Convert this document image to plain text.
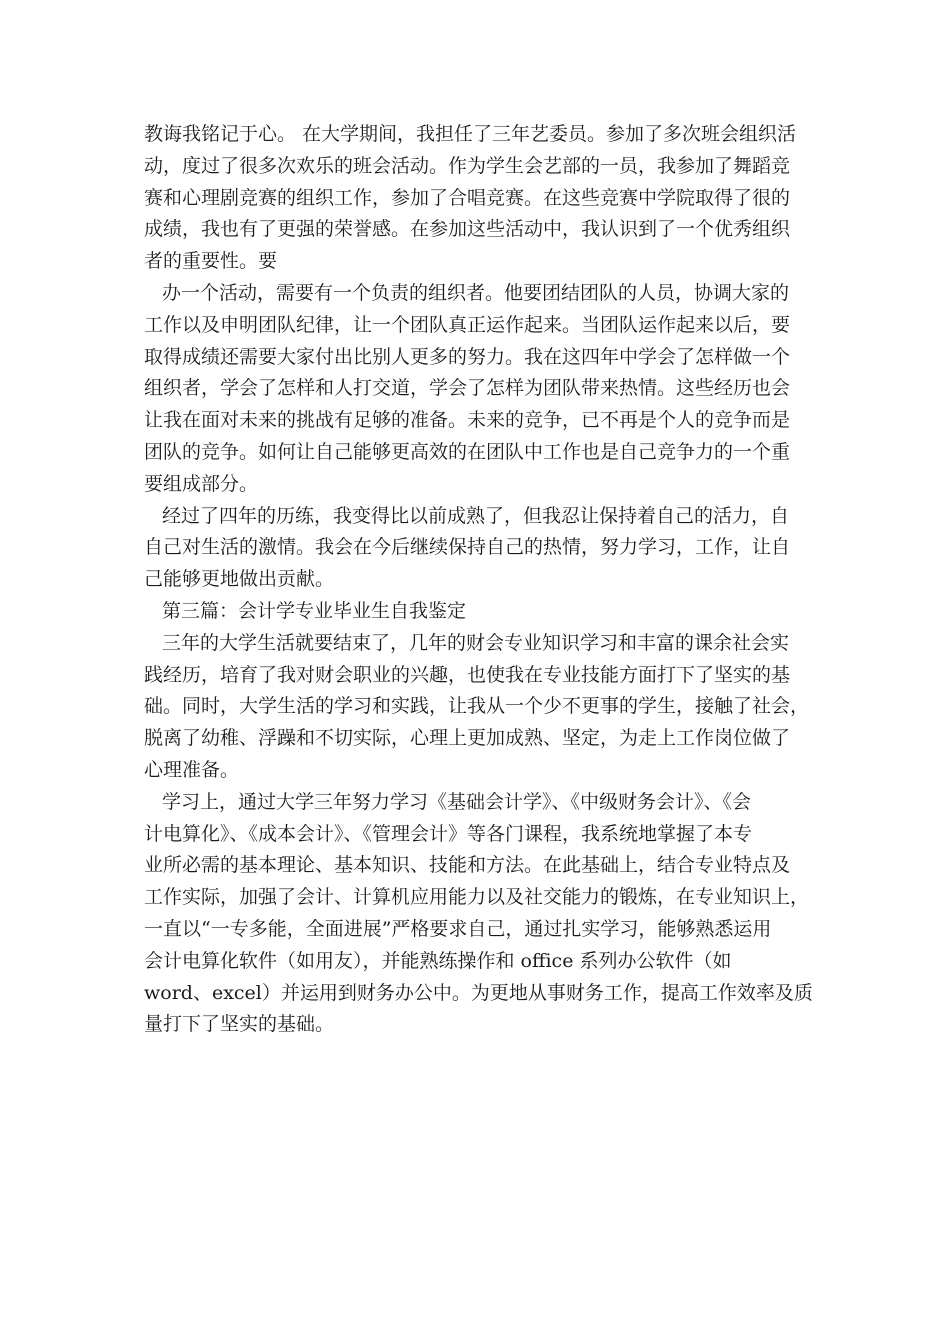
教诲我铭记于心。 在大学期间，我担任了三年艺委员。参加了多次班会组织活
动，度过了很多次欢乐的班会活动。作为学生会艺部的一员，我参加了舞蹈竞
赛和心理剧竞赛的组织工作，参加了合唱竞赛。在这些竞赛中学院取得了很的
成绩，我也有了更强的荣誉感。在参加这些活动中，我认识到了一个优秀组织
者的重要性。要
办一个活动，需要有一个负责的组织者。他要团结团队的人员，协调大家的
工作以及申明团队纪律，让一个团队真正运作起来。当团队运作起来以后，要
取得成绩还需要大家付出比别人更多的努力。我在这四年中学会了怎样做一个
组织者，学会了怎样和人打交道，学会了怎样为团队带来热情。这些经历也会
让我在面对未来的挑战有足够的准备。未来的竞争，已不再是个人的竞争而是
团队的竞争。如何让自己能够更高效的在团队中工作也是自己竞争力的一个重
要组成部分。
经过了四年的历练，我变得比以前成熟了，但我忍让保持着自己的活力，自
自己对生活的激情。我会在今后继续保持自己的热情，努力学习，工作，让自
己能够更地做出贡献。
第三篇：会计学专业毕业生自我鉴定
三年的大学生活就要结束了，几年的财会专业知识学习和丰富的课余社会实
践经历，培育了我对财会职业的兴趣，也使我在专业技能方面打下了坚实的基
础。同时，大学生活的学习和实践，让我从一个少不更事的学生，接触了社会，
脱离了幼稚、浮躁和不切实际，心理上更加成熟、坚定，为走上工作岗位做了
心理准备。
学习上，通过大学三年努力学习《基础会计学》、《中级财务会计》、《会
计电算化》、《成本会计》、《管理会计》等各门课程，我系统地掌握了本专
业所必需的基本理论、基本知识、技能和方法。在此基础上，结合专业特点及
工作实际，加强了会计、计算机应用能力以及社交能力的锻炼，在专业知识上，
一直以“一专多能，全面进展”严格要求自己，通过扎实学习，能够熟悉运用
会计电算化软件（如用友），并能熟练操作和 office 系列办公软件（如
word、excel）并运用到财务办公中。为更地从事财务工作，提高工作效率及质
量打下了坚实的基础。
